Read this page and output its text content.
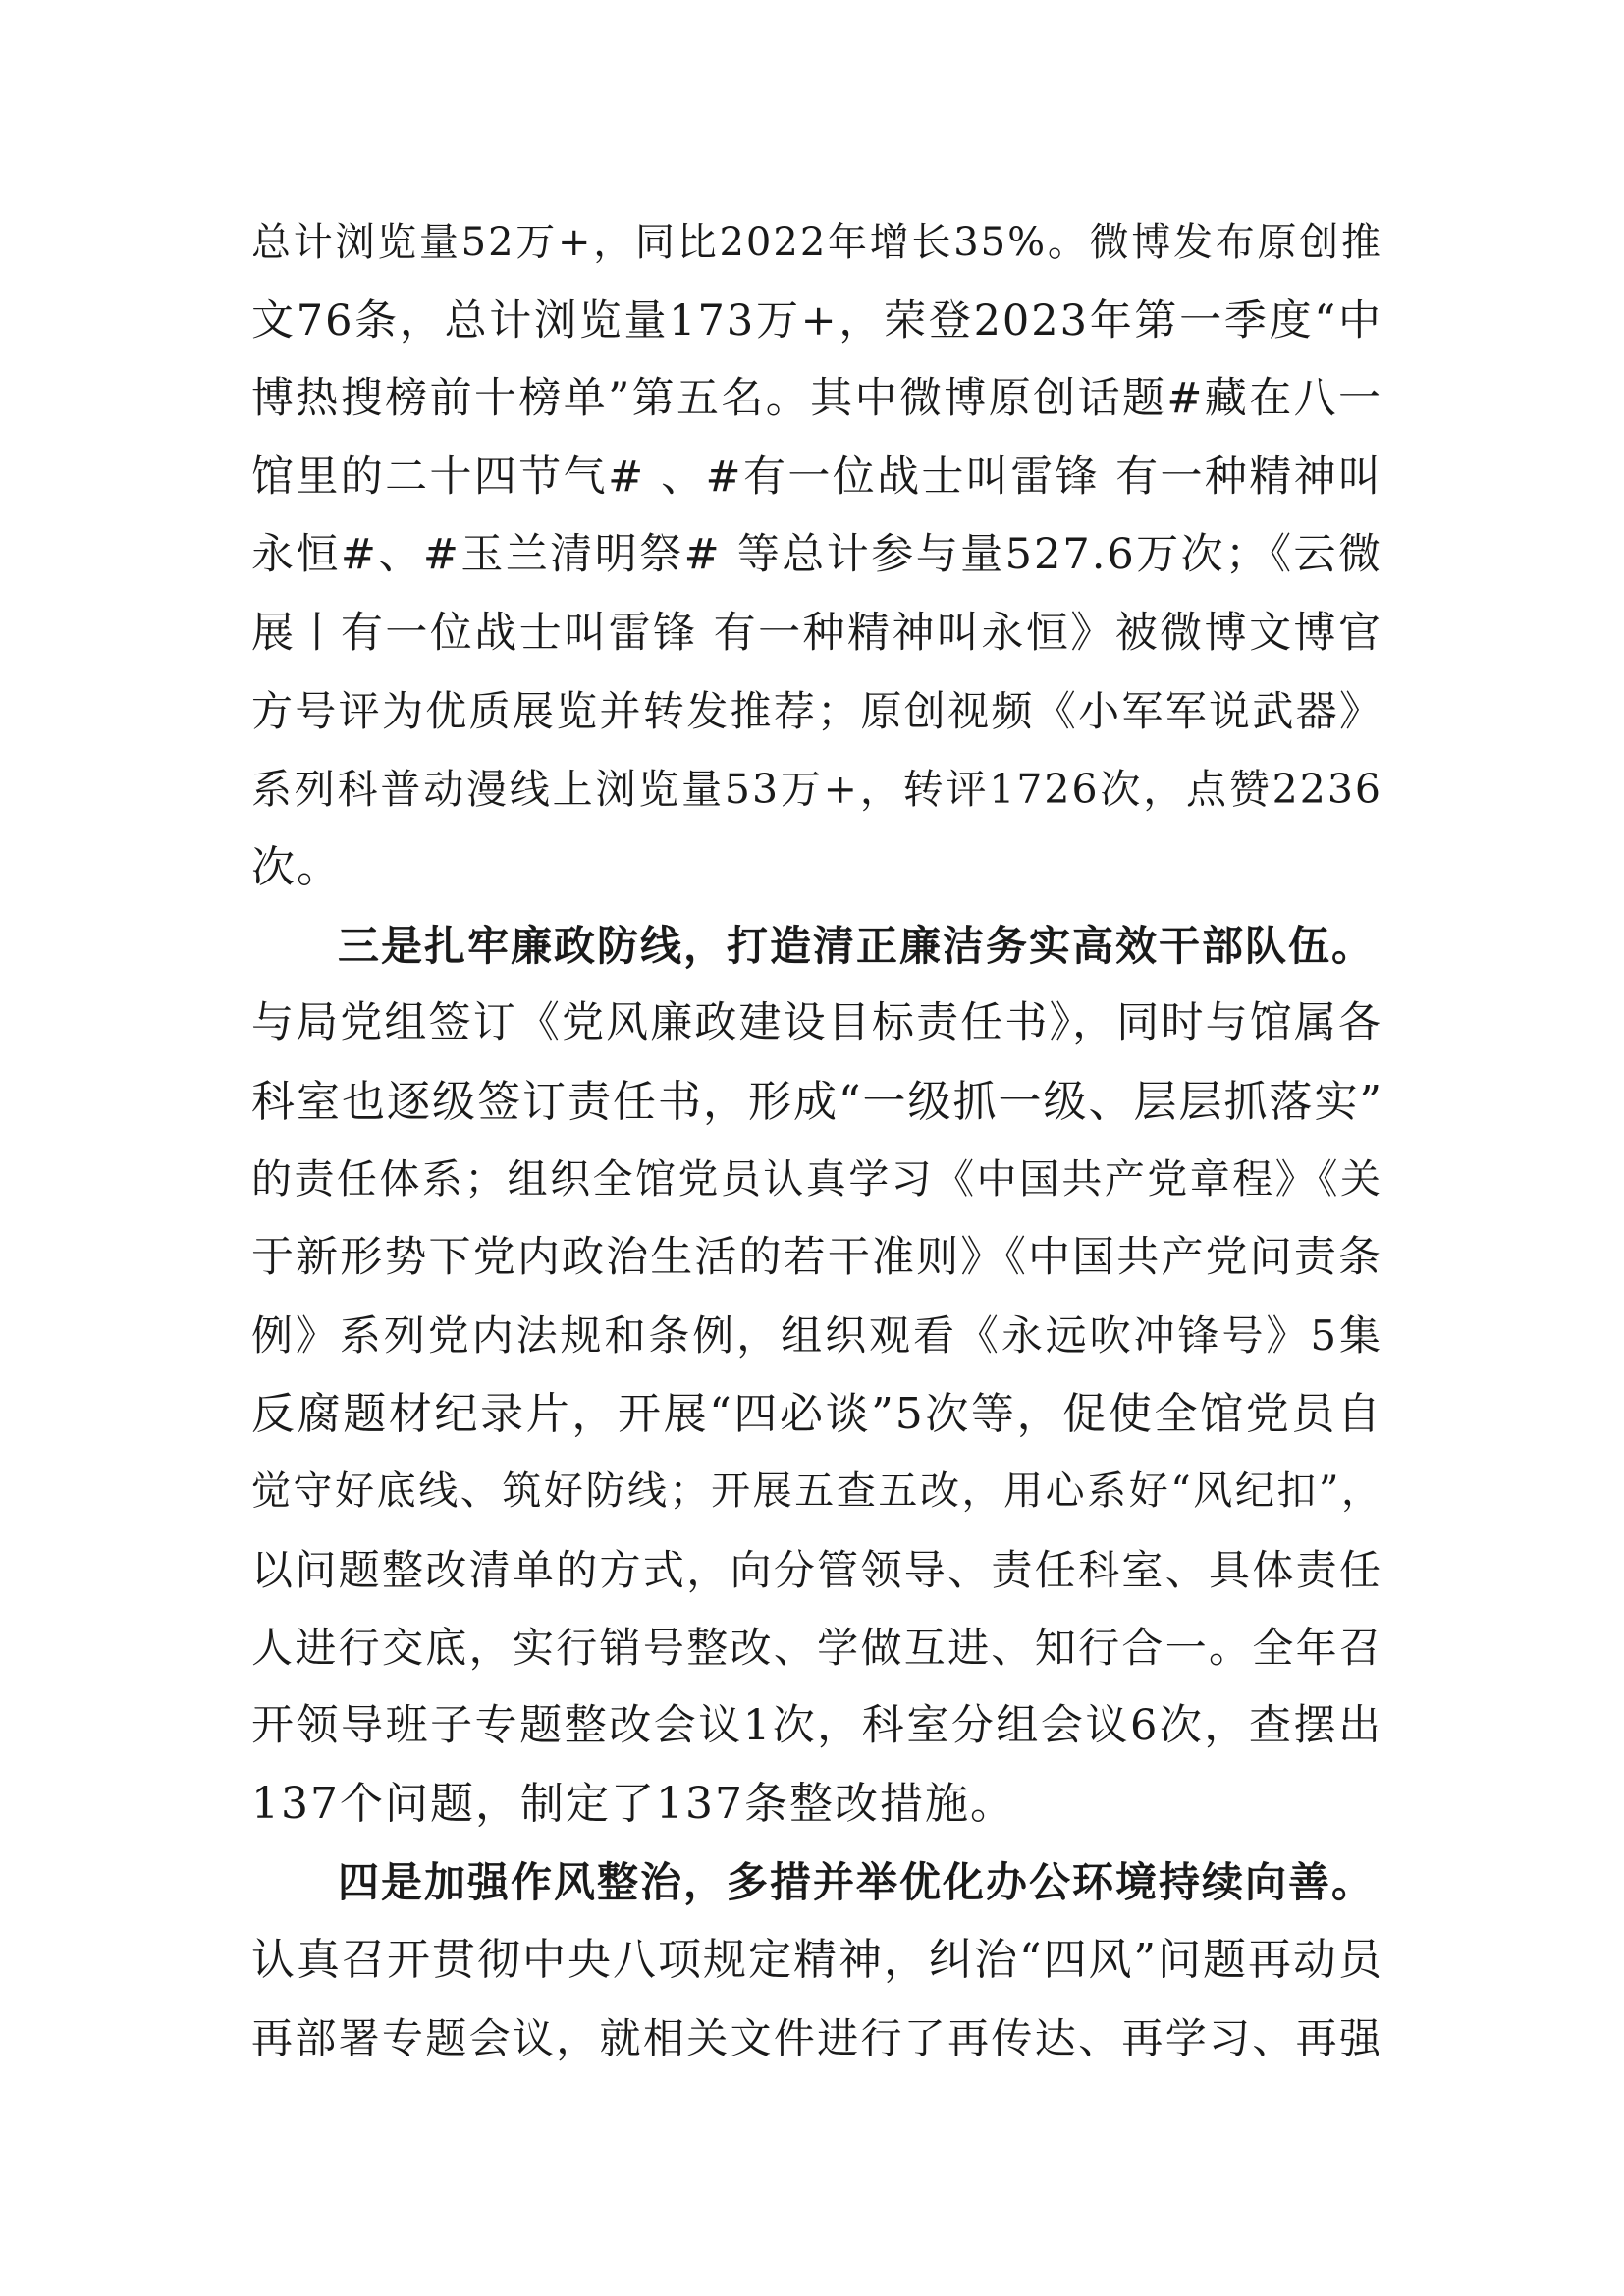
总计浏览量52万+，同比2022年增长35%。微博发布原创推
文76条，总计浏览量173万+，荣登2023年第一季度“中
博热搜榜前十榜单”第五名。其中微博原创话题#藏在八一
馆里的二十四节气# 、#有一位战士叫雷锋 有一种精神叫
永恒#、#玉兰清明祭# 等总计参与量527.6万次；《云微
展丨有一位战士叫雷锋 有一种精神叫永恒》被微博文博官
方号评为优质展览并转发推荐；原创视频《小军军说武器》
系列科普动漫线上浏览量53万+，转评1726次，点赞2236
次。
三是扎牢廉政防线，打造清正廉洁务实高效干部队伍。
与局党组签订《党风廉政建设目标责任书》，同时与馆属各
科室也逐级签订责任书，形成“一级抓一级、层层抓落实”
的责任体系；组织全馆党员认真学习《中国共产党章程》《关
于新形势下党内政治生活的若干准则》《中国共产党问责条
例》系列党内法规和条例，组织观看《永远吹冲锋号》5集
反腐题材纪录片，开展“四必谈”5次等，促使全馆党员自
觉守好底线、筑好防线；开展五查五改，用心系好“风纪扣”，
以问题整改清单的方式，向分管领导、责任科室、具体责任
人进行交底，实行销号整改、学做互进、知行合一。全年召
开领导班子专题整改会议1次，科室分组会议6次，查摆出
137个问题，制定了137条整改措施。
四是加强作风整治，多措并举优化办公环境持续向善。
认真召开贯彻中央八项规定精神，纠治“四风”问题再动员
再部署专题会议，就相关文件进行了再传达、再学习、再强
